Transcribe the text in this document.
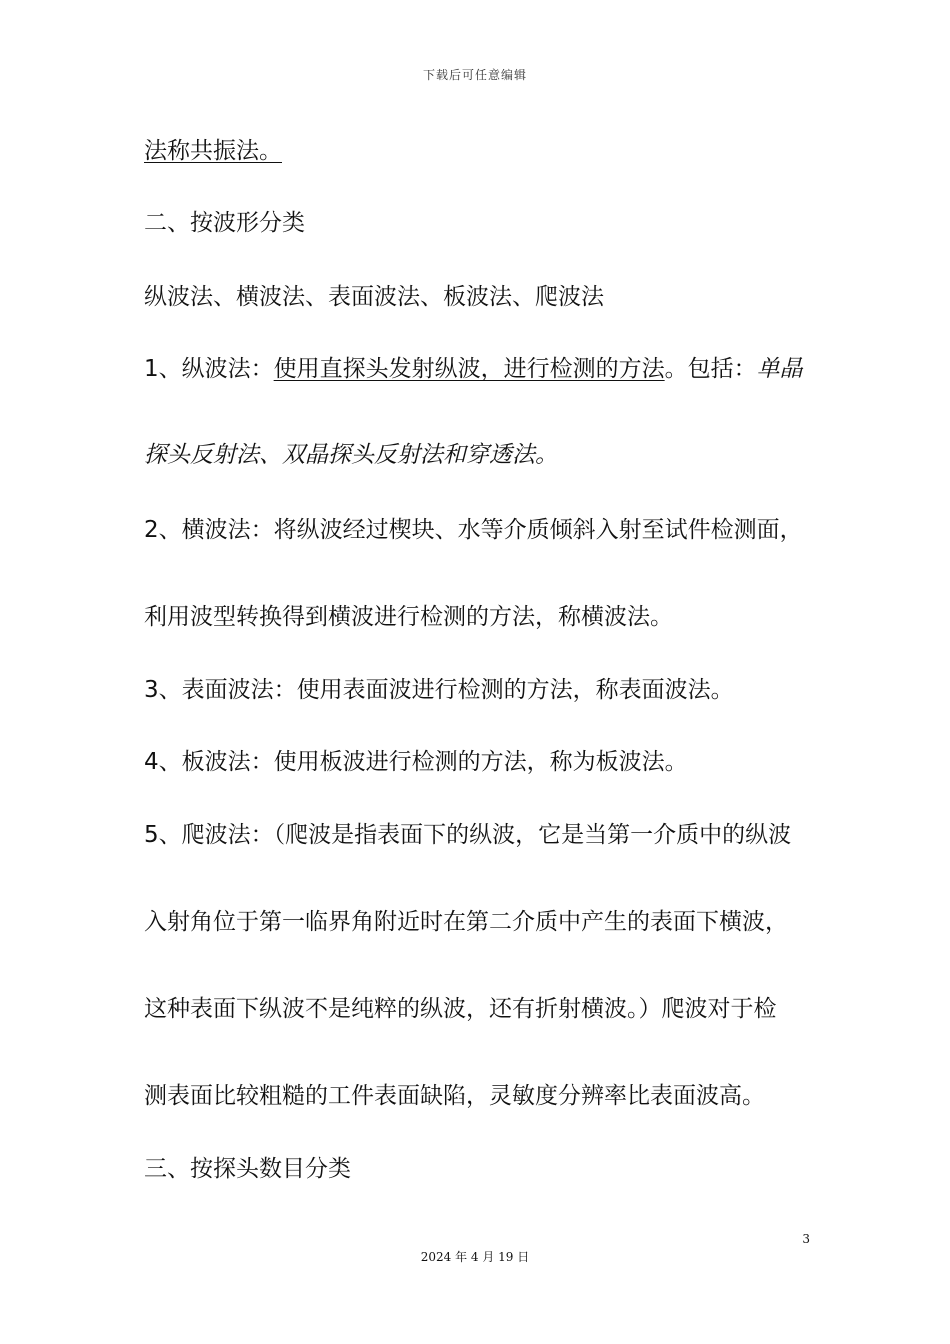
下载后可任意编辑
法称共振法。
二、按波形分类
纵波法、横波法、表面波法、板波法、爬波法
1、纵波法：使用直探头发射纵波，进行检测的方法。包括：单晶
探头反射法、双晶探头反射法和穿透法。
2、横波法：将纵波经过楔块、水等介质倾斜入射至试件检测面，
利用波型转换得到横波进行检测的方法，称横波法。
3、表面波法：使用表面波进行检测的方法，称表面波法。
4、板波法：使用板波进行检测的方法，称为板波法。
5、爬波法：（爬波是指表面下的纵波，它是当第一介质中的纵波
入射角位于第一临界角附近时在第二介质中产生的表面下横波，
这种表面下纵波不是纯粹的纵波，还有折射横波。）爬波对于检
测表面比较粗糙的工件表面缺陷，灵敏度分辨率比表面波高。
三、按探头数目分类
3
2024 年 4 月 19 日
